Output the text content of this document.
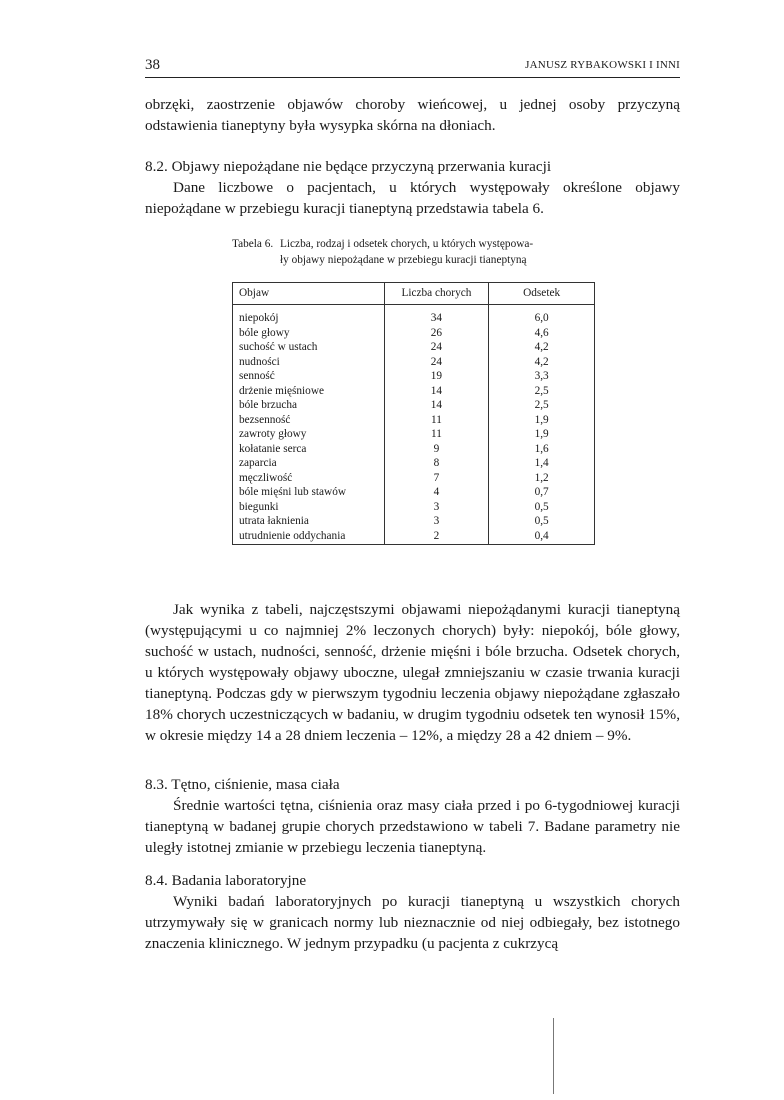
38	JANUSZ RYBAKOWSKI I INNI

obrzęki, zaostrzenie objawów choroby wieńcowej, u jednej osoby przyczyną odstawienia tianeptyny była wysypka skórna na dłoniach.

8.2. Objawy niepożądane nie będące przyczyną przerwania kuracji

Dane liczbowe o pacjentach, u których występowały określone objawy niepożądane w przebiegu kuracji tianeptyną przedstawia tabela 6.

Tabela 6. Liczba, rodzaj i odsetek chorych, u których występowa-
ły objawy niepożądane w przebiegu kuracji tianeptyną
Objaw	Liczba chorych	Odsetek
niepokój	34	6,0
bóle głowy	26	4,6
suchość w ustach	24	4,2
nudności	24	4,2
senność	19	3,3
drżenie mięśniowe	14	2,5
bóle brzucha	14	2,5
bezsenność	11	1,9
zawroty głowy	11	1,9
kołatanie serca	9	1,6
zaparcia	8	1,4
męczliwość	7	1,2
bóle mięśni lub stawów	4	0,7
biegunki	3	0,5
utrata łaknienia	3	0,5
utrudnienie oddychania	2	0,4

Jak wynika z tabeli, najczęstszymi objawami niepożądanymi kuracji tianeptyną (występującymi u co najmniej 2% leczonych chorych) były: niepokój, bóle głowy, suchość w ustach, nudności, senność, drżenie mięśni i bóle brzucha. Odsetek chorych, u których występowały objawy uboczne, ulegał zmniejszaniu w czasie trwania kuracji tianeptyną. Podczas gdy w pierwszym tygodniu leczenia objawy niepożądane zgłaszało 18% chorych uczestniczących w badaniu, w drugim tygodniu odsetek ten wynosił 15%, w okresie między 14 a 28 dniem leczenia – 12%, a między 28 a 42 dniem – 9%.

8.3. Tętno, ciśnienie, masa ciała

Średnie wartości tętna, ciśnienia oraz masy ciała przed i po 6-tygodniowej kuracji tianeptyną w badanej grupie chorych przedstawiono w tabeli 7. Badane parametry nie uległy istotnej zmianie w przebiegu leczenia tianeptyną.

8.4. Badania laboratoryjne

Wyniki badań laboratoryjnych po kuracji tianeptyną u wszystkich chorych utrzymywały się w granicach normy lub nieznacznie od niej odbiegały, bez istotnego znaczenia klinicznego. W jednym przypadku (u pacjenta z cukrzycą
